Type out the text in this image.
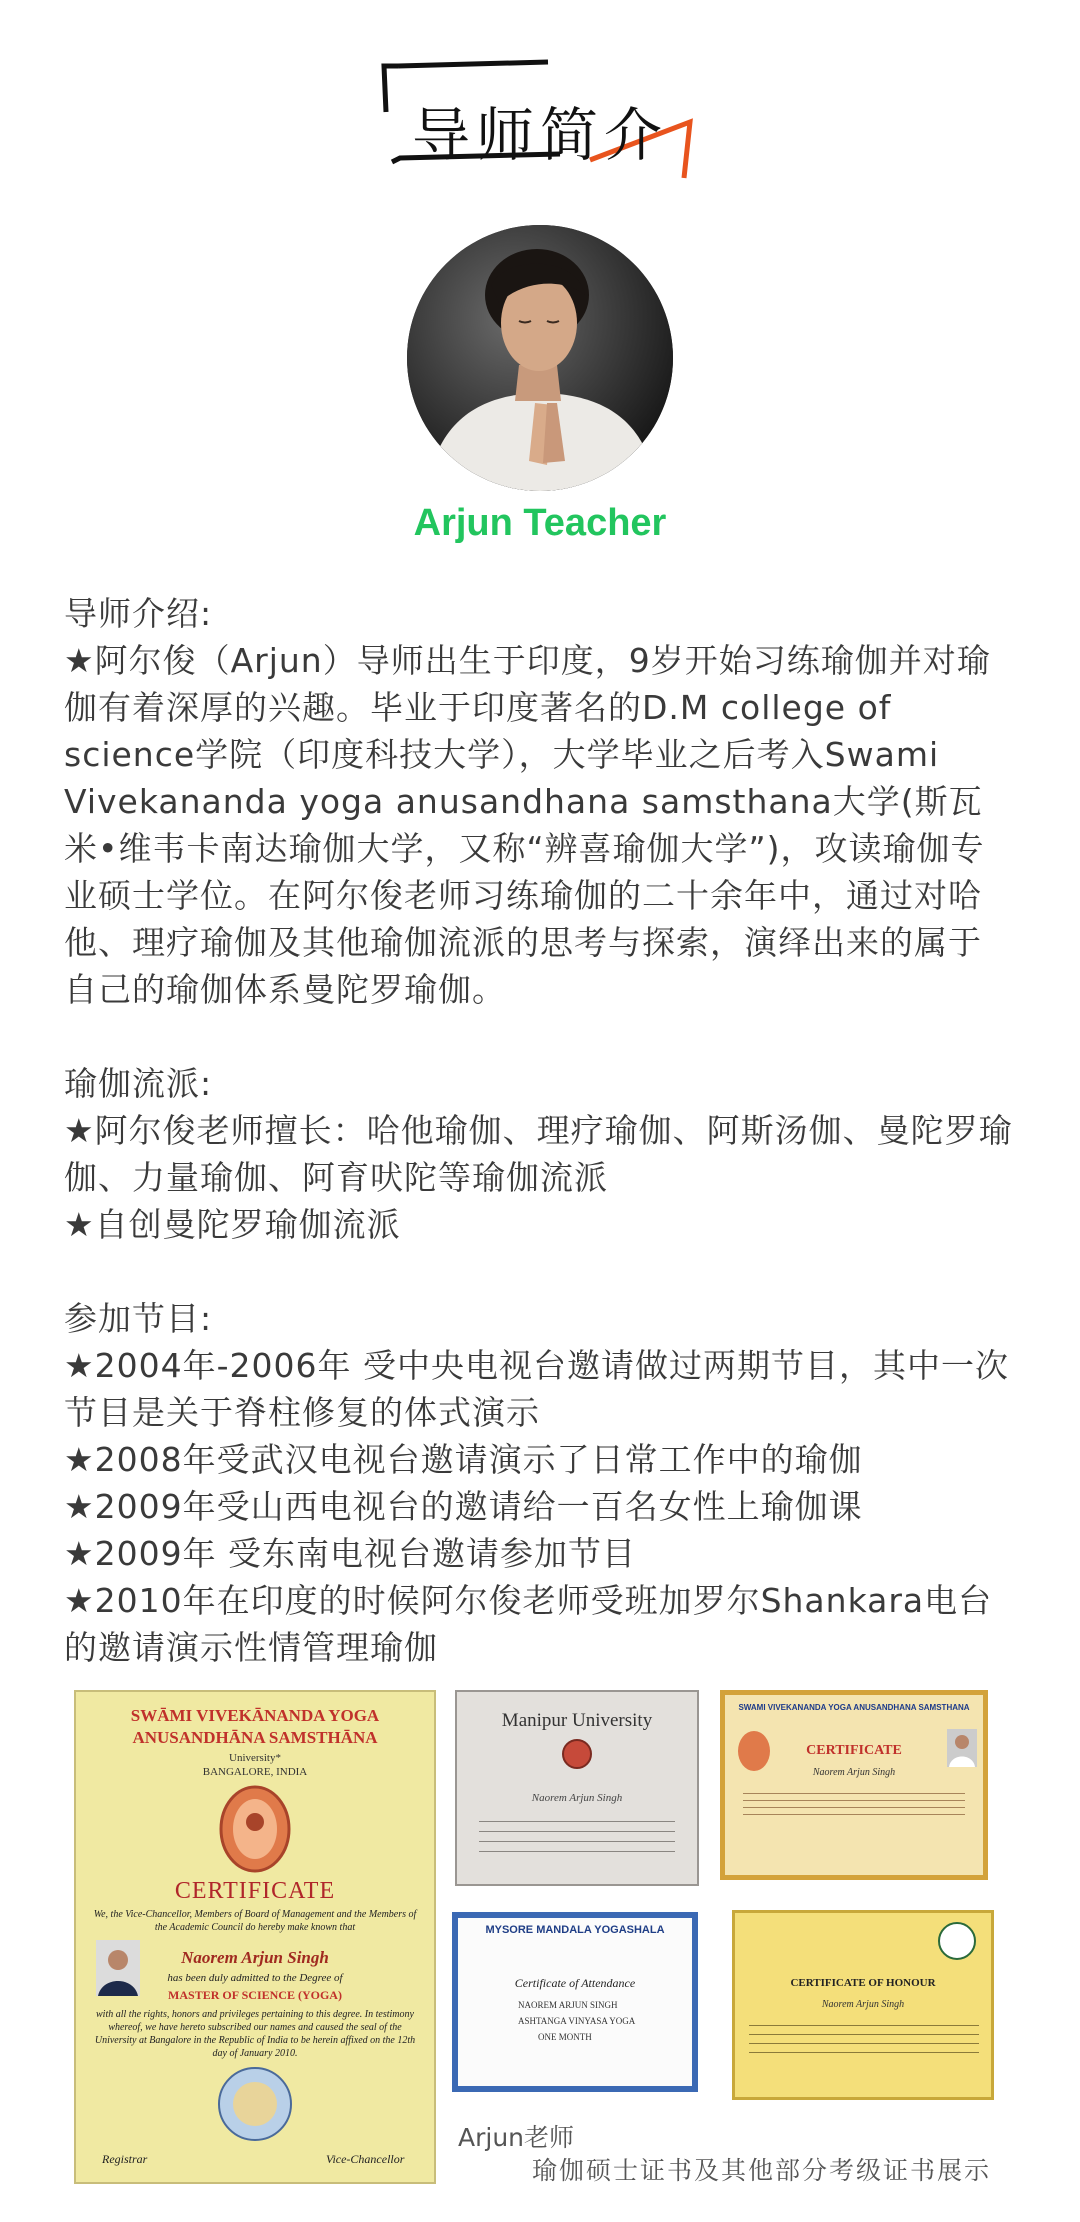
导师简介
Arjun Teacher

导师介绍:

★阿尔俊（Arjun）导师出生于印度，9岁开始习练瑜伽并对瑜伽有着深厚的兴趣。毕业于印度著名的D.M college of science学院（印度科技大学），大学毕业之后考入Swami Vivekananda yoga anusandhana samsthana大学(斯瓦米•维韦卡南达瑜伽大学，又称“辨喜瑜伽大学”)，攻读瑜伽专业硕士学位。在阿尔俊老师习练瑜伽的二十余年中，通过对哈他、理疗瑜伽及其他瑜伽流派的思考与探索，演绎出来的属于自己的瑜伽体系曼陀罗瑜伽。

瑜伽流派:

★阿尔俊老师擅长：哈他瑜伽、理疗瑜伽、阿斯汤伽、曼陀罗瑜伽、力量瑜伽、阿育吠陀等瑜伽流派

★自创曼陀罗瑜伽流派

参加节目:

★2004年-2006年 受中央电视台邀请做过两期节目，其中一次节目是关于脊柱修复的体式演示

★2008年受武汉电视台邀请演示了日常工作中的瑜伽

★2009年受山西电视台的邀请给一百名女性上瑜伽课

★2009年 受东南电视台邀请参加节目

★2010年在印度的时候阿尔俊老师受班加罗尔Shankara电台的邀请演示性情管理瑜伽

SWĀMI VIVEKĀNANDA YOGA
ANUSANDHĀNA SAMSTHĀNA
University*
BANGALORE, INDIA
CERTIFICATE
We, the Vice-Chancellor, Members of Board of Management and the Members of the Academic Council do hereby make known that
Naorem Arjun Singh
has been duly admitted to the Degree of
MASTER OF SCIENCE (YOGA)
with all the rights, honors and privileges pertaining to this degree. In testimony whereof, we have hereto subscribed our names and caused the seal of the University at Bangalore in the Republic of India to be herein affixed on the 12th day of January 2010.
Registrar	Vice-Chancellor
Manipur University
Naorem Arjun Singh
SWAMI VIVEKANANDA YOGA ANUSANDHANA SAMSTHANA
CERTIFICATE
Naorem Arjun Singh
MYSORE MANDALA YOGASHALA
Certificate of Attendance
NAOREM ARJUN SINGH
ASHTANGA VINYASA YOGA
ONE MONTH
CERTIFICATE OF HONOUR
Naorem Arjun Singh
Arjun老师
瑜伽硕士证书及其他部分考级证书展示
